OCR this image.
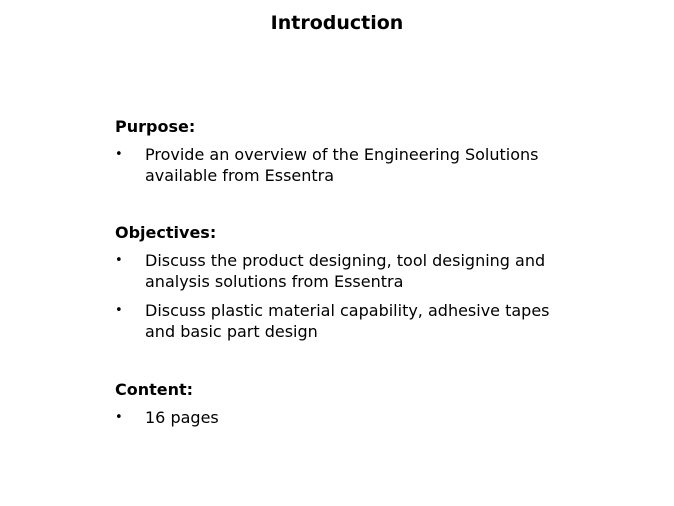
Introduction
Purpose:
• Provide an overview of the Engineering Solutions available from Essentra
Objectives:
• Discuss the product designing, tool designing and analysis solutions from Essentra
• Discuss plastic material capability, adhesive tapes and basic part design
Content:
• 16 pages
